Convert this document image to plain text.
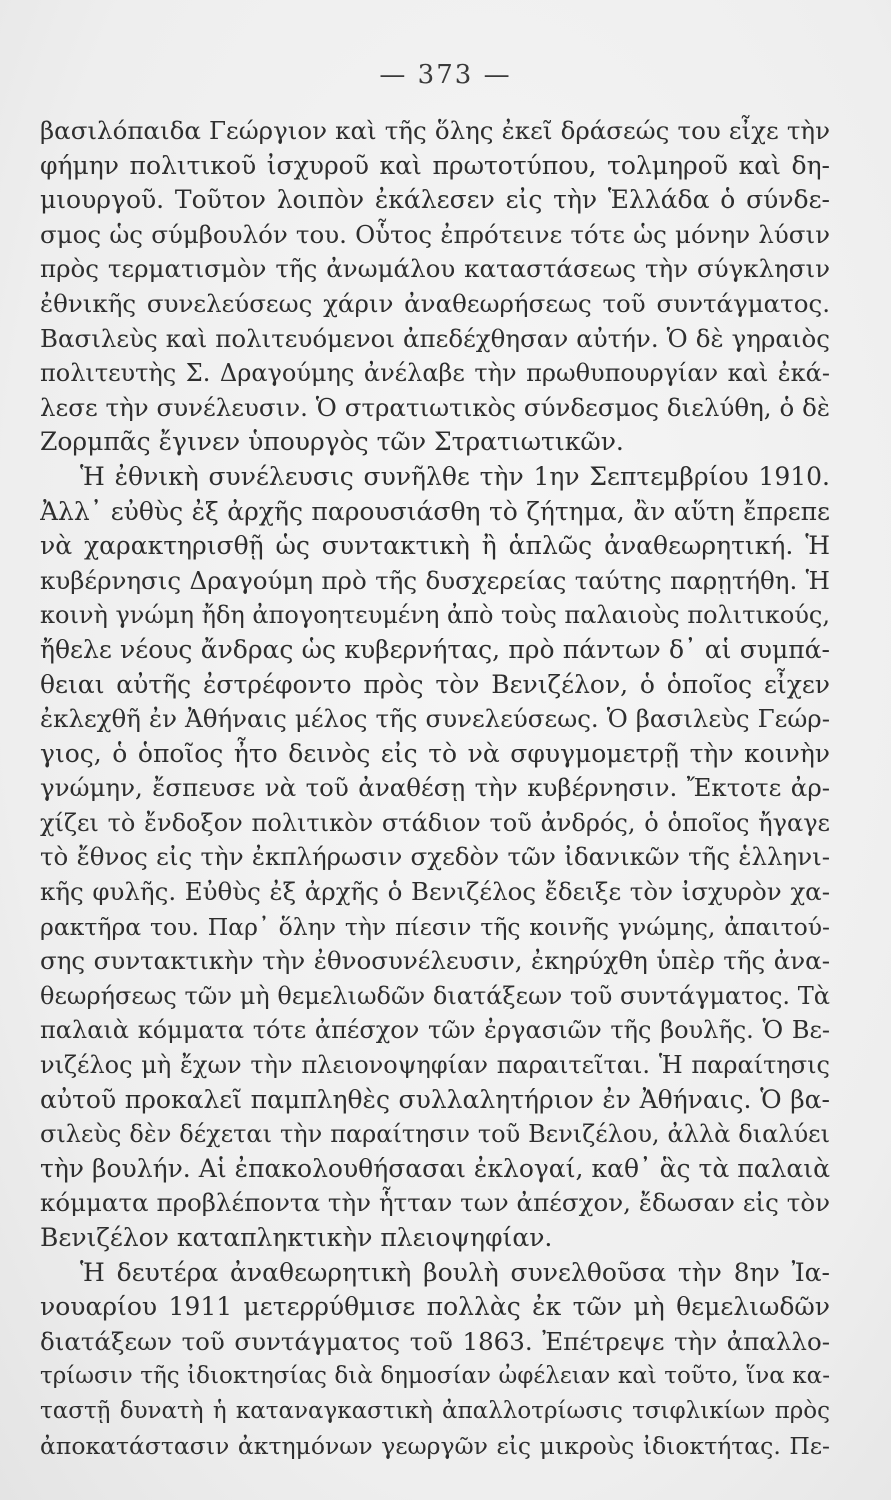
— 373 —
βασιλόπαιδα Γεώργιον καὶ τῆς ὅλης ἐκεῖ δράσεώς του εἶχε τὴν
φήμην πολιτικοῦ ἰσχυροῦ καὶ πρωτοτύπου, τολμηροῦ καὶ δη-
μιουργοῦ. Τοῦτον λοιπὸν ἐκάλεσεν εἰς τὴν Ἑλλάδα ὁ σύνδε-
σμος ὡς σύμβουλόν του. Οὗτος ἐπρότεινε τότε ὡς μόνην λύσιν
πρὸς τερματισμὸν τῆς ἀνωμάλου καταστάσεως τὴν σύγκλησιν
ἐθνικῆς συνελεύσεως χάριν ἀναθεωρήσεως τοῦ συντάγματος.
Βασιλεὺς καὶ πολιτευόμενοι ἀπεδέχθησαν αὐτήν. Ὁ δὲ γηραιὸς
πολιτευτὴς Σ. Δραγούμης ἀνέλαβε τὴν πρωθυπουργίαν καὶ ἐκά-
λεσε τὴν συνέλευσιν. Ὁ στρατιωτικὸς σύνδεσμος διελύθη, ὁ δὲ
Ζορμπᾶς ἔγινεν ὑπουργὸς τῶν Στρατιωτικῶν.
Ἡ ἐθνικὴ συνέλευσις συνῆλθε τὴν 1ην Σεπτεμβρίου 1910.
Ἀλλ᾽ εὐθὺς ἐξ ἀρχῆς παρουσιάσθη τὸ ζήτημα, ἂν αὕτη ἔπρεπε
νὰ χαρακτηρισθῇ ὡς συντακτικὴ ἢ ἁπλῶς ἀναθεωρητική. Ἡ
κυβέρνησις Δραγούμη πρὸ τῆς δυσχερείας ταύτης παρῃτήθη. Ἡ
κοινὴ γνώμη ἤδη ἀπογοητευμένη ἀπὸ τοὺς παλαιοὺς πολιτικούς,
ἤθελε νέους ἄνδρας ὡς κυβερνήτας, πρὸ πάντων δ᾽ αἱ συμπά-
θειαι αὐτῆς ἐστρέφοντο πρὸς τὸν Βενιζέλον, ὁ ὁποῖος εἶχεν
ἐκλεχθῆ ἐν Ἀθήναις μέλος τῆς συνελεύσεως. Ὁ βασιλεὺς Γεώρ-
γιος, ὁ ὁποῖος ἦτο δεινὸς εἰς τὸ νὰ σφυγμομετρῇ τὴν κοινὴν
γνώμην, ἔσπευσε νὰ τοῦ ἀναθέσῃ τὴν κυβέρνησιν. Ἔκτοτε ἀρ-
χίζει τὸ ἔνδοξον πολιτικὸν στάδιον τοῦ ἀνδρός, ὁ ὁποῖος ἤγαγε
τὸ ἔθνος εἰς τὴν ἐκπλήρωσιν σχεδὸν τῶν ἰδανικῶν τῆς ἑλληνι-
κῆς φυλῆς. Εὐθὺς ἐξ ἀρχῆς ὁ Βενιζέλος ἔδειξε τὸν ἰσχυρὸν χα-
ρακτῆρα του. Παρ᾽ ὅλην τὴν πίεσιν τῆς κοινῆς γνώμης, ἀπαιτού-
σης συντακτικὴν τὴν ἐθνοσυνέλευσιν, ἐκηρύχθη ὑπὲρ τῆς ἀνα-
θεωρήσεως τῶν μὴ θεμελιωδῶν διατάξεων τοῦ συντάγματος. Τὰ
παλαιὰ κόμματα τότε ἀπέσχον τῶν ἐργασιῶν τῆς βουλῆς. Ὁ Βε-
νιζέλος μὴ ἔχων τὴν πλειονοψηφίαν παραιτεῖται. Ἡ παραίτησις
αὐτοῦ προκαλεῖ παμπληθὲς συλλαλητήριον ἐν Ἀθήναις. Ὁ βα-
σιλεὺς δὲν δέχεται τὴν παραίτησιν τοῦ Βενιζέλου, ἀλλὰ διαλύει
τὴν βουλήν. Αἱ ἐπακολουθήσασαι ἐκλογαί, καθ᾽ ἃς τὰ παλαιὰ
κόμματα προβλέποντα τὴν ἧτταν των ἀπέσχον, ἔδωσαν εἰς τὸν
Βενιζέλον καταπληκτικὴν πλειοψηφίαν.
Ἡ δευτέρα ἀναθεωρητικὴ βουλὴ συνελθοῦσα τὴν 8ην Ἰα-
νουαρίου 1911 μετερρύθμισε πολλὰς ἐκ τῶν μὴ θεμελιωδῶν
διατάξεων τοῦ συντάγματος τοῦ 1863. Ἐπέτρεψε τὴν ἀπαλλο-
τρίωσιν τῆς ἰδιοκτησίας διὰ δημοσίαν ὠφέλειαν καὶ τοῦτο, ἵνα κα-
ταστῇ δυνατὴ ἡ καταναγκαστικὴ ἀπαλλοτρίωσις τσιφλικίων πρὸς
ἀποκατάστασιν ἀκτημόνων γεωργῶν εἰς μικροὺς ἰδιοκτήτας. Πε-
